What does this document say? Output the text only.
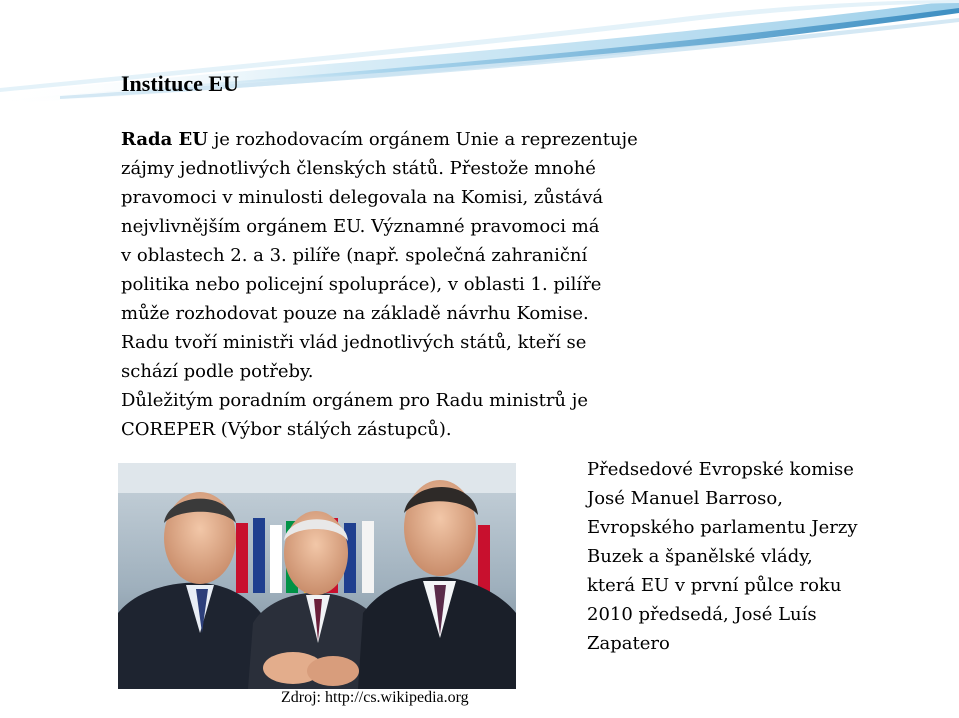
Instituce EU
Rada EU je rozhodovacím orgánem Unie a reprezentuje
zájmy jednotlivých členských států. Přestože mnohé
pravomoci v minulosti delegovala na Komisi, zůstává
nejvlivnějším orgánem EU. Významné pravomoci má
v oblastech 2. a 3. pilíře (např. společná zahraniční
politika nebo policejní spolupráce), v oblasti 1. pilíře
může rozhodovat pouze na základě návrhu Komise.
Radu tvoří ministři vlád jednotlivých států, kteří se
schází podle potřeby.
Důležitým poradním orgánem pro Radu ministrů je
COREPER (Výbor stálých zástupců).
Předsedové Evropské komise
José Manuel Barroso,
Evropského parlamentu Jerzy
Buzek a španělské vlády,
která EU v první půlce roku
2010 předsedá, José Luís
Zapatero
Zdroj: http://cs.wikipedia.org
